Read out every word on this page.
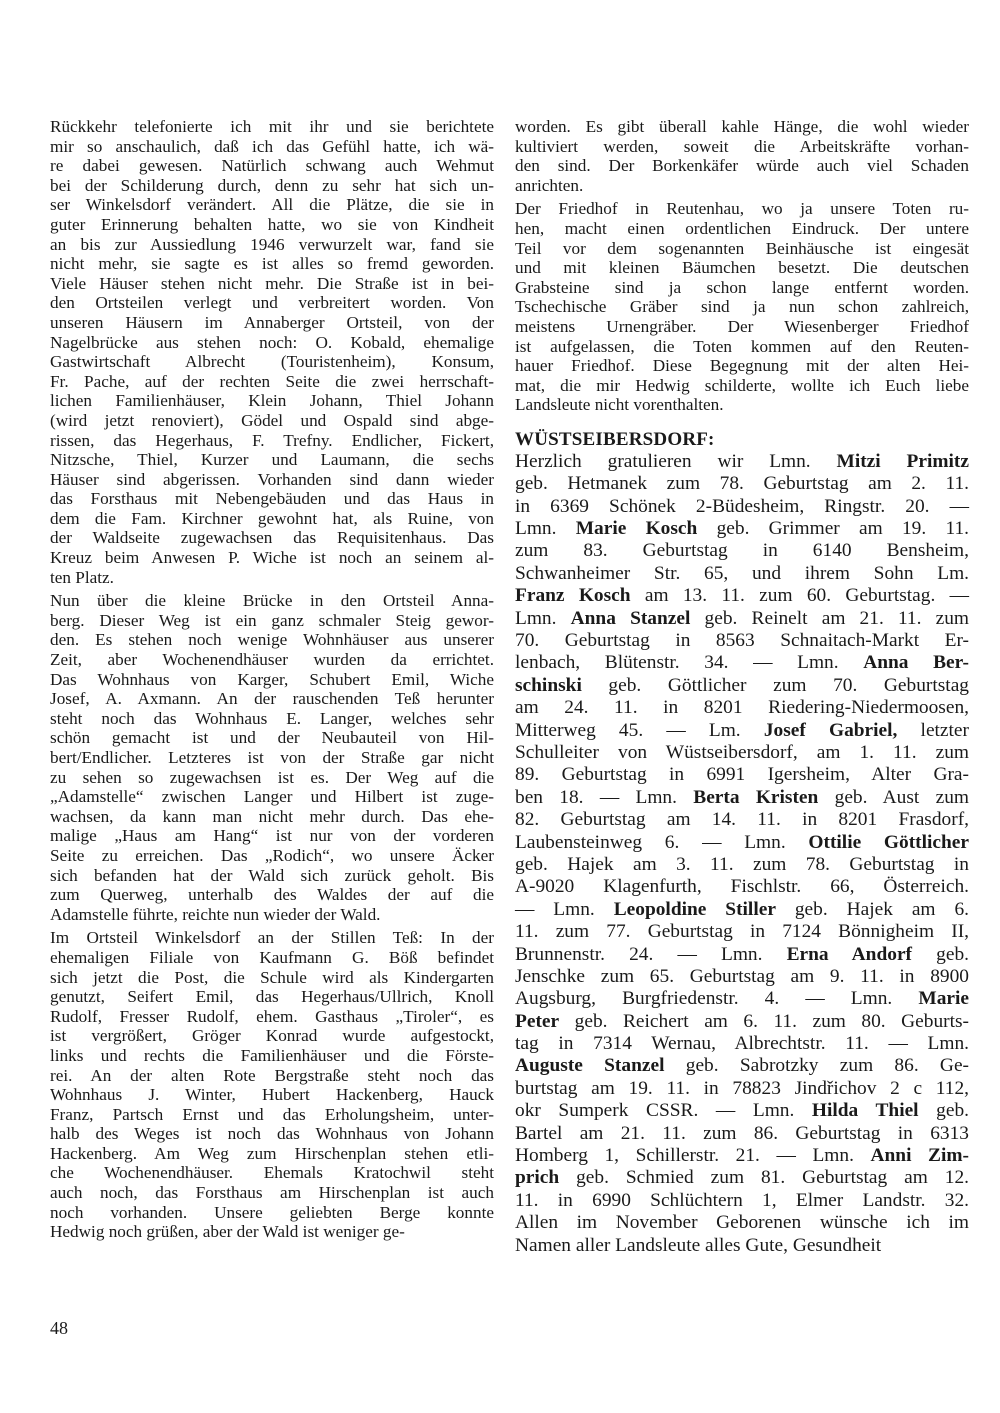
Rückkehr telefonierte ich mit ihr und sie berichtete
mir so anschaulich, daß ich das Gefühl hatte, ich wä-
re dabei gewesen. Natürlich schwang auch Wehmut
bei der Schilderung durch, denn zu sehr hat sich un-
ser Winkelsdorf verändert. All die Plätze, die sie in
guter Erinnerung behalten hatte, wo sie von Kindheit
an bis zur Aussiedlung 1946 verwurzelt war, fand sie
nicht mehr, sie sagte es ist alles so fremd geworden.
Viele Häuser stehen nicht mehr. Die Straße ist in bei-
den Ortsteilen verlegt und verbreitert worden. Von
unseren Häusern im Annaberger Ortsteil, von der
Nagelbrücke aus stehen noch: O. Kobald, ehemalige
Gastwirtschaft Albrecht (Touristenheim), Konsum,
Fr. Pache, auf der rechten Seite die zwei herrschaft-
lichen Familienhäuser, Klein Johann, Thiel Johann
(wird jetzt renoviert), Gödel und Ospald sind abge-
rissen, das Hegerhaus, F. Trefny. Endlicher, Fickert,
Nitzsche, Thiel, Kurzer und Laumann, die sechs
Häuser sind abgerissen. Vorhanden sind dann wieder
das Forsthaus mit Nebengebäuden und das Haus in
dem die Fam. Kirchner gewohnt hat, als Ruine, von
der Waldseite zugewachsen das Requisitenhaus. Das
Kreuz beim Anwesen P. Wiche ist noch an seinem al-
ten Platz.
Nun über die kleine Brücke in den Ortsteil Anna-
berg. Dieser Weg ist ein ganz schmaler Steig gewor-
den. Es stehen noch wenige Wohnhäuser aus unserer
Zeit, aber Wochenendhäuser wurden da errichtet.
Das Wohnhaus von Karger, Schubert Emil, Wiche
Josef, A. Axmann. An der rauschenden Teß herunter
steht noch das Wohnhaus E. Langer, welches sehr
schön gemacht ist und der Neubauteil von Hil-
bert/Endlicher. Letzteres ist von der Straße gar nicht
zu sehen so zugewachsen ist es. Der Weg auf die
„Adamstelle“ zwischen Langer und Hilbert ist zuge-
wachsen, da kann man nicht mehr durch. Das ehe-
malige „Haus am Hang“ ist nur von der vorderen
Seite zu erreichen. Das „Rodich“, wo unsere Äcker
sich befanden hat der Wald sich zurück geholt. Bis
zum Querweg, unterhalb des Waldes der auf die
Adamstelle führte, reichte nun wieder der Wald.
Im Ortsteil Winkelsdorf an der Stillen Teß: In der
ehemaligen Filiale von Kaufmann G. Böß befindet
sich jetzt die Post, die Schule wird als Kindergarten
genutzt, Seifert Emil, das Hegerhaus/Ullrich, Knoll
Rudolf, Fresser Rudolf, ehem. Gasthaus „Tiroler“, es
ist vergrößert, Gröger Konrad wurde aufgestockt,
links und rechts die Familienhäuser und die Förste-
rei. An der alten Rote Bergstraße steht noch das
Wohnhaus J. Winter, Hubert Hackenberg, Hauck
Franz, Partsch Ernst und das Erholungsheim, unter-
halb des Weges ist noch das Wohnhaus von Johann
Hackenberg. Am Weg zum Hirschenplan stehen etli-
che Wochenendhäuser. Ehemals Kratochwil steht
auch noch, das Forsthaus am Hirschenplan ist auch
noch vorhanden. Unsere geliebten Berge konnte
Hedwig noch grüßen, aber der Wald ist weniger ge-
worden. Es gibt überall kahle Hänge, die wohl wieder
kultiviert werden, soweit die Arbeitskräfte vorhan-
den sind. Der Borkenkäfer würde auch viel Schaden
anrichten.
Der Friedhof in Reutenhau, wo ja unsere Toten ru-
hen, macht einen ordentlichen Eindruck. Der untere
Teil vor dem sogenannten Beinhäusche ist eingesät
und mit kleinen Bäumchen besetzt. Die deutschen
Grabsteine sind ja schon lange entfernt worden.
Tschechische Gräber sind ja nun schon zahlreich,
meistens Urnengräber. Der Wiesenberger Friedhof
ist aufgelassen, die Toten kommen auf den Reuten-
hauer Friedhof. Diese Begegnung mit der alten Hei-
mat, die mir Hedwig schilderte, wollte ich Euch liebe
Landsleute nicht vorenthalten.
WÜSTSEIBERSDORF:
Herzlich gratulieren wir Lmn. Mitzi Primitz
geb. Hetmanek zum 78. Geburtstag am 2. 11.
in 6369 Schönek 2-Büdesheim, Ringstr. 20. —
Lmn. Marie Kosch geb. Grimmer am 19. 11.
zum 83. Geburtstag in 6140 Bensheim,
Schwanheimer Str. 65, und ihrem Sohn Lm.
Franz Kosch am 13. 11. zum 60. Geburtstag. —
Lmn. Anna Stanzel geb. Reinelt am 21. 11. zum
70. Geburtstag in 8563 Schnaitach-Markt Er-
lenbach, Blütenstr. 34. — Lmn. Anna Ber-
schinski geb. Göttlicher zum 70. Geburtstag
am 24. 11. in 8201 Riedering-Niedermoosen,
Mitterweg 45. — Lm. Josef Gabriel, letzter
Schulleiter von Wüstseibersdorf, am 1. 11. zum
89. Geburtstag in 6991 Igersheim, Alter Gra-
ben 18. — Lmn. Berta Kristen geb. Aust zum
82. Geburtstag am 14. 11. in 8201 Frasdorf,
Laubensteinweg 6. — Lmn. Ottilie Göttlicher
geb. Hajek am 3. 11. zum 78. Geburtstag in
A-9020 Klagenfurth, Fischlstr. 66, Österreich.
— Lmn. Leopoldine Stiller geb. Hajek am 6.
11. zum 77. Geburtstag in 7124 Bönnigheim II,
Brunnenstr. 24. — Lmn. Erna Andorf geb.
Jenschke zum 65. Geburtstag am 9. 11. in 8900
Augsburg, Burgfriedenstr. 4. — Lmn. Marie
Peter geb. Reichert am 6. 11. zum 80. Geburts-
tag in 7314 Wernau, Albrechtstr. 11. — Lmn.
Auguste Stanzel geb. Sabrotzky zum 86. Ge-
burtstag am 19. 11. in 78823 Jindřichov 2 c 112,
okr Sumperk CSSR. — Lmn. Hilda Thiel geb.
Bartel am 21. 11. zum 86. Geburtstag in 6313
Homberg 1, Schillerstr. 21. — Lmn. Anni Zim-
prich geb. Schmied zum 81. Geburtstag am 12.
11. in 6990 Schlüchtern 1, Elmer Landstr. 32.
Allen im November Geborenen wünsche ich im
Namen aller Landsleute alles Gute, Gesundheit
48
